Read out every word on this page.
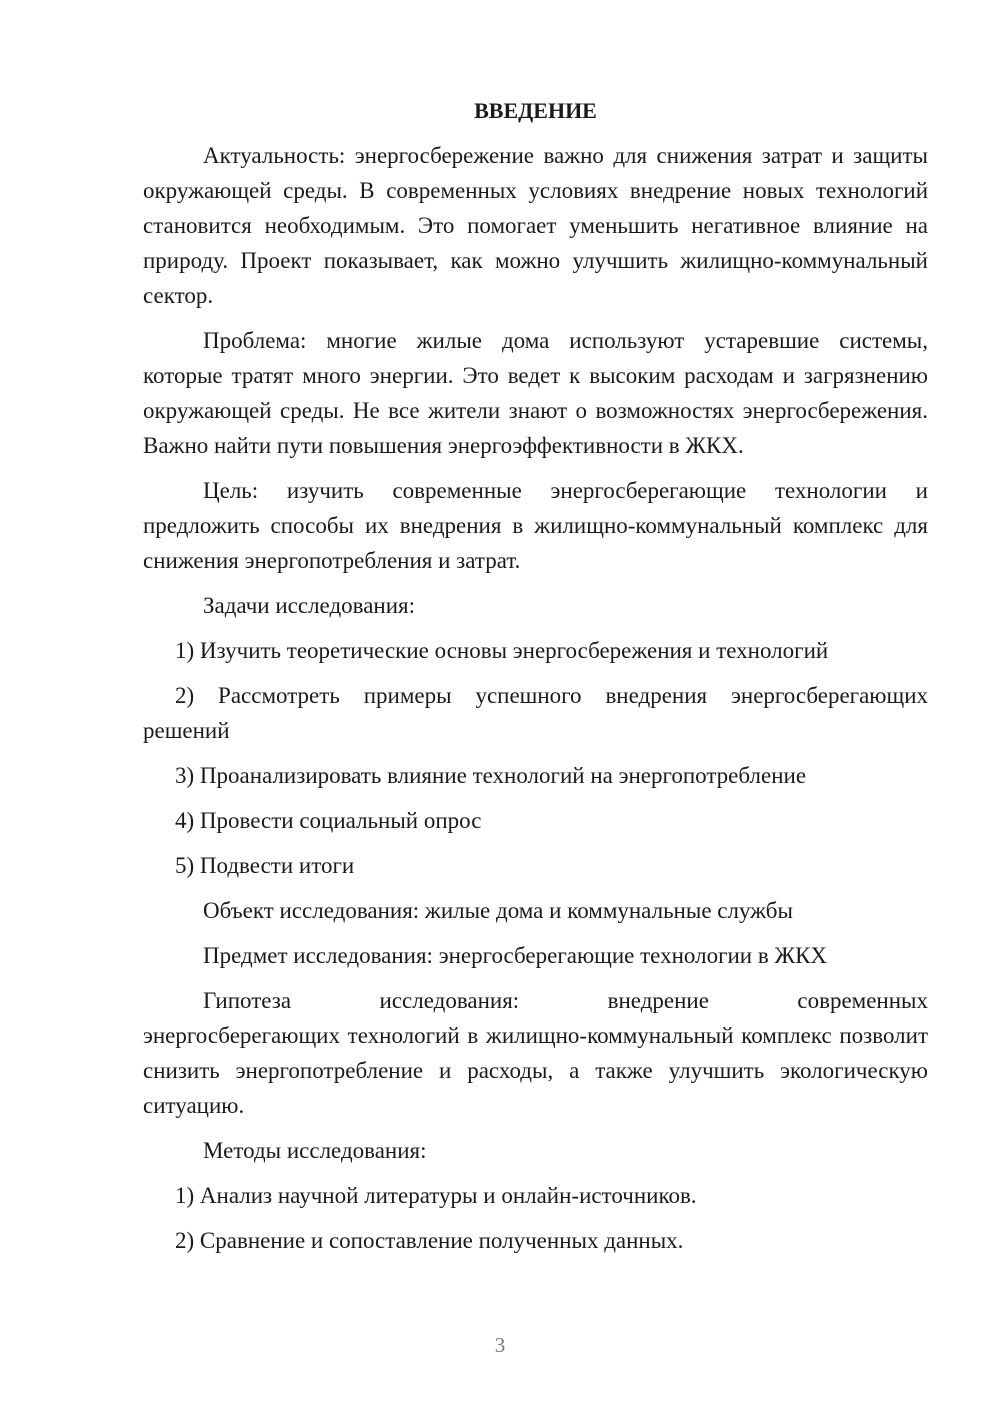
ВВЕДЕНИЕ

Актуальность: энергосбережение важно для снижения затрат и защиты окружающей среды. В современных условиях внедрение новых технологий становится необходимым. Это помогает уменьшить негативное влияние на природу. Проект показывает, как можно улучшить жилищно-коммунальный сектор.

Проблема: многие жилые дома используют устаревшие системы, которые тратят много энергии. Это ведет к высоким расходам и загрязнению окружающей среды. Не все жители знают о возможностях энергосбережения. Важно найти пути повышения энергоэффективности в ЖКХ.

Цель: изучить современные энергосберегающие технологии и предложить способы их внедрения в жилищно-коммунальный комплекс для снижения энергопотребления и затрат.

Задачи исследования:

1) Изучить теоретические основы энергосбережения и технологий

2) Рассмотреть примеры успешного внедрения энергосберегающих решений

3) Проанализировать влияние технологий на энергопотребление

4) Провести социальный опрос

5) Подвести итоги

Объект исследования: жилые дома и коммунальные службы

Предмет исследования: энергосберегающие технологии в ЖКХ

Гипотеза	исследования:	внедрение	современных

энергосберегающих технологий в жилищно-коммунальный комплекс позволит снизить энергопотребление и расходы, а также улучшить экологическую ситуацию.

Методы исследования:

1) Анализ научной литературы и онлайн-источников.

2) Сравнение и сопоставление полученных данных.

3
